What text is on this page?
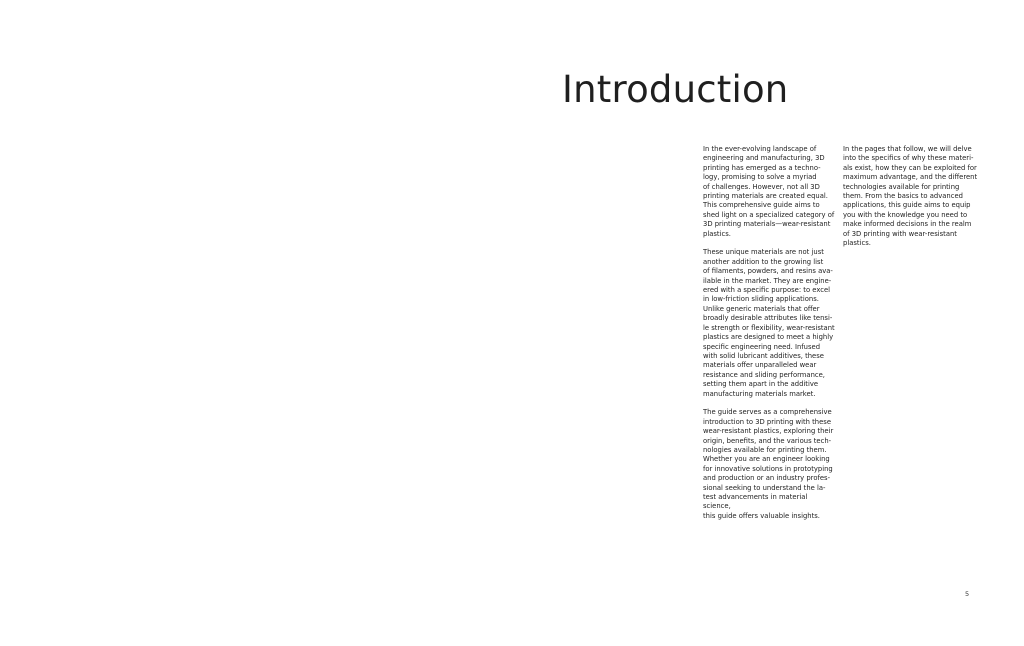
Introduction

In the ever-evolving landscape of
engineering and manufacturing, 3D
printing has emerged as a techno-
logy, promising to solve a myriad
of challenges. However, not all 3D
printing materials are created equal.
This comprehensive guide aims to
shed light on a specialized category of
3D printing materials—wear-resistant
plastics.

These unique materials are not just
another addition to the growing list
of filaments, powders, and resins ava-
ilable in the market. They are engine-
ered with a specific purpose: to excel
in low-friction sliding applications.
Unlike generic materials that offer
broadly desirable attributes like tensi-
le strength or flexibility, wear-resistant
plastics are designed to meet a highly
specific engineering need. Infused
with solid lubricant additives, these
materials offer unparalleled wear
resistance and sliding performance,
setting them apart in the additive
manufacturing materials market.

The guide serves as a comprehensive
introduction to 3D printing with these
wear-resistant plastics, exploring their
origin, benefits, and the various tech-
nologies available for printing them.
Whether you are an engineer looking
for innovative solutions in prototyping
and production or an industry profes-
sional seeking to understand the la-
test advancements in material science,
this guide offers valuable insights.

In the pages that follow, we will delve
into the specifics of why these materi-
als exist, how they can be exploited for
maximum advantage, and the different
technologies available for printing
them. From the basics to advanced
applications, this guide aims to equip
you with the knowledge you need to
make informed decisions in the realm
of 3D printing with wear-resistant
plastics.

5
